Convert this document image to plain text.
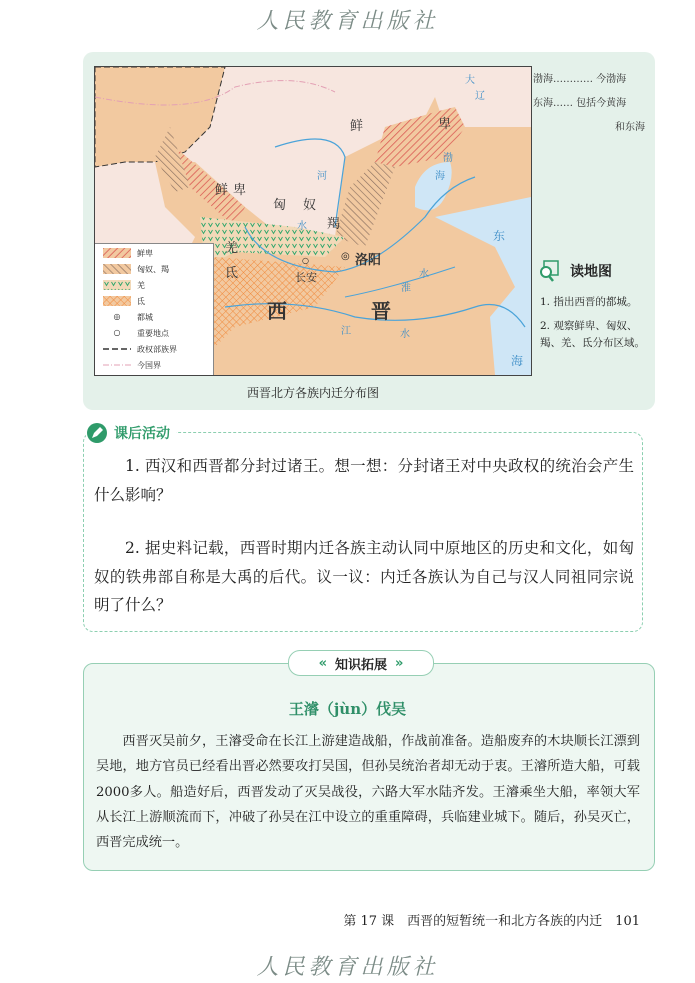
人民教育出版社
鲜	卑
鲜 卑
匈 奴
羯
羌
氐
洛阳
◎
长安
○
西	晋
渤
海
东
海
河
水
淮
水
江	水
大
辽
鲜卑
匈奴、羯
羌
氐
◎	都城
○	重要地点
政权部族界
今国界
西晋北方各族内迁分布图
渤海………… 今渤海
东海…… 包括今黄海
和东海
读地图
1. 指出西晋的都城。
2. 观察鲜卑、匈奴、羯、羌、氐分布区域。
课后活动
1. 西汉和西晋都分封过诸王。想一想：分封诸王对中央政权的统治会产生什么影响？
2. 据史料记载，西晋时期内迁各族主动认同中原地区的历史和文化，如匈奴的铁弗部自称是大禹的后代。议一议：内迁各族认为自己与汉人同祖同宗说明了什么？
« 知识拓展 »
王濬（jùn）伐吴
西晋灭吴前夕，王濬受命在长江上游建造战船，作战前准备。造船废弃的木块顺长江漂到吴地，地方官员已经看出晋必然要攻打吴国，但孙吴统治者却无动于衷。王濬所造大船，可载2000多人。船造好后，西晋发动了灭吴战役，六路大军水陆齐发。王濬乘坐大船，率领大军从长江上游顺流而下，冲破了孙吴在江中设立的重重障碍，兵临建业城下。随后，孙吴灭亡，西晋完成统一。
第 17 课　西晋的短暂统一和北方各族的内迁　101
人民教育出版社
